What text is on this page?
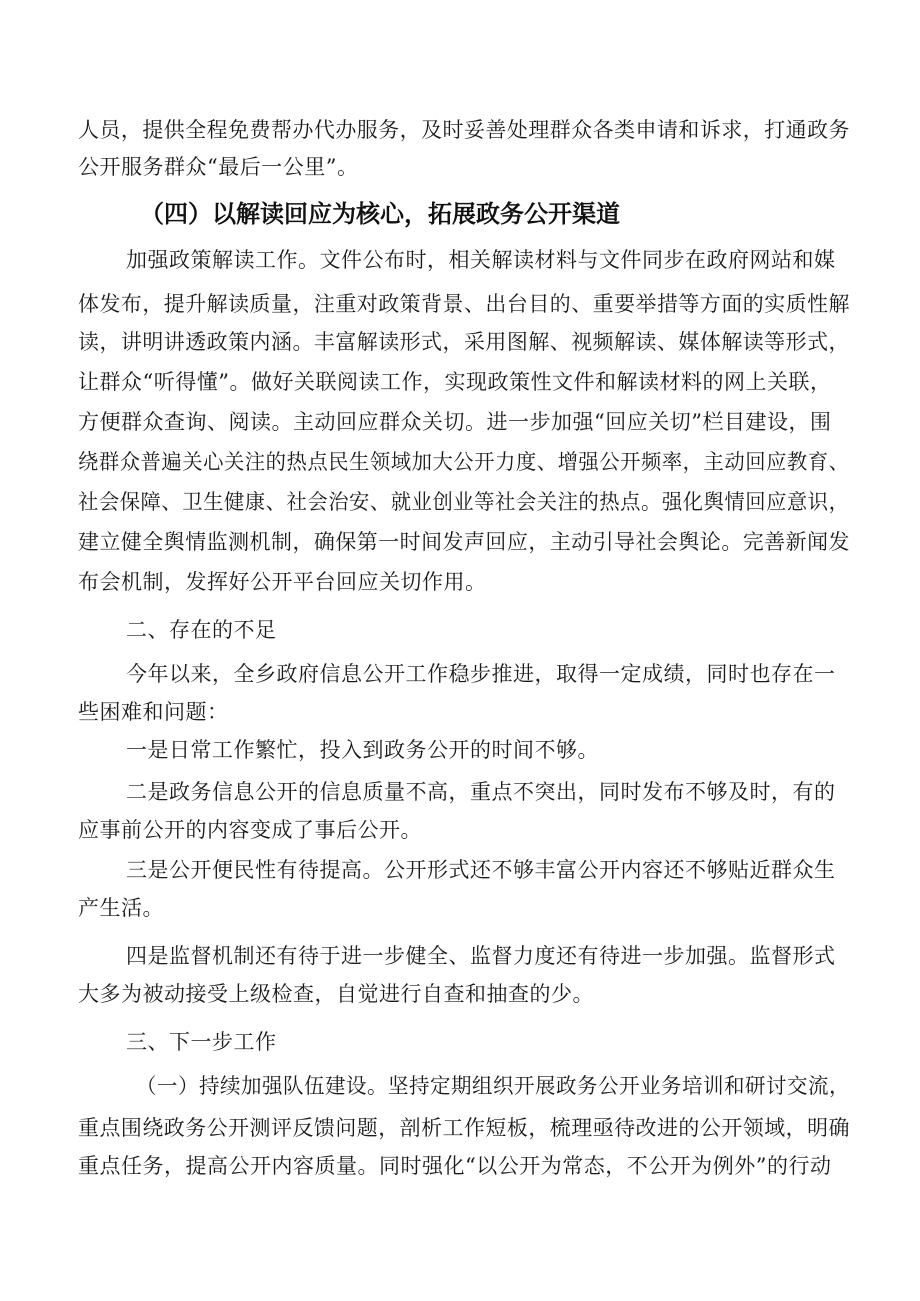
人员，提供全程免费帮办代办服务，及时妥善处理群众各类申请和诉求，打通政务
公开服务群众“最后一公里”。
（四）以解读回应为核心，拓展政务公开渠道
加强政策解读工作。文件公布时，相关解读材料与文件同步在政府网站和媒
体发布，提升解读质量，注重对政策背景、出台目的、重要举措等方面的实质性解
读，讲明讲透政策内涵。丰富解读形式，采用图解、视频解读、媒体解读等形式，
让群众“听得懂”。做好关联阅读工作，实现政策性文件和解读材料的网上关联，
方便群众查询、阅读。主动回应群众关切。进一步加强“回应关切”栏目建设，围
绕群众普遍关心关注的热点民生领域加大公开力度、增强公开频率，主动回应教育、
社会保障、卫生健康、社会治安、就业创业等社会关注的热点。强化舆情回应意识，
建立健全舆情监测机制，确保第一时间发声回应，主动引导社会舆论。完善新闻发
布会机制，发挥好公开平台回应关切作用。
二、存在的不足
今年以来，全乡政府信息公开工作稳步推进，取得一定成绩，同时也存在一
些困难和问题：
一是日常工作繁忙，投入到政务公开的时间不够。
二是政务信息公开的信息质量不高，重点不突出，同时发布不够及时，有的
应事前公开的内容变成了事后公开。
三是公开便民性有待提高。公开形式还不够丰富公开内容还不够贴近群众生
产生活。
四是监督机制还有待于进一步健全、监督力度还有待进一步加强。监督形式
大多为被动接受上级检查，自觉进行自查和抽查的少。
三、下一步工作
（一）持续加强队伍建设。坚持定期组织开展政务公开业务培训和研讨交流，
重点围绕政务公开测评反馈问题，剖析工作短板，梳理亟待改进的公开领域，明确
重点任务，提高公开内容质量。同时强化“以公开为常态，不公开为例外”的行动
